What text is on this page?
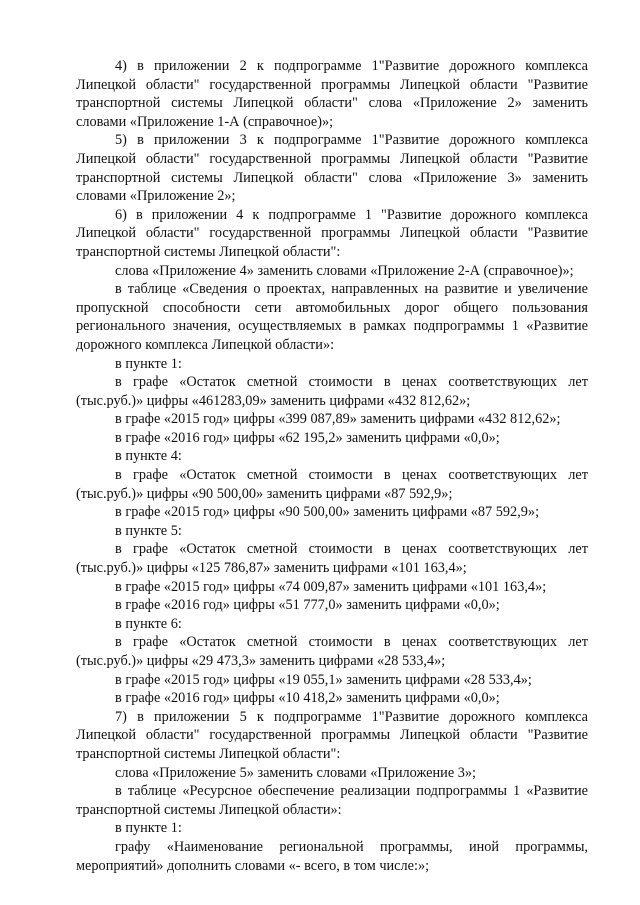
4) в приложении 2 к подпрограмме 1"Развитие дорожного комплекса Липецкой области" государственной программы Липецкой области "Развитие транспортной системы Липецкой области" слова «Приложение 2» заменить словами «Приложение 1-А (справочное)»;

5) в приложении 3 к подпрограмме 1"Развитие дорожного комплекса Липецкой области" государственной программы Липецкой области "Развитие транспортной системы Липецкой области" слова «Приложение 3» заменить словами «Приложение 2»;

6) в приложении 4 к подпрограмме 1 "Развитие дорожного комплекса Липецкой области" государственной программы Липецкой области "Развитие транспортной системы Липецкой области":

слова «Приложение 4» заменить словами «Приложение 2-А (справочное)»;

в таблице «Сведения о проектах, направленных на развитие и увеличение пропускной способности сети автомобильных дорог общего пользования регионального значения, осуществляемых в рамках подпрограммы 1 «Развитие дорожного комплекса Липецкой области»:

в пункте 1:

в графе «Остаток сметной стоимости в ценах соответствующих лет (тыс.руб.)» цифры «461283,09» заменить цифрами «432 812,62»;

в графе «2015 год» цифры «399 087,89» заменить цифрами «432 812,62»;

в графе «2016 год» цифры «62 195,2» заменить цифрами «0,0»;

в пункте 4:

в графе «Остаток сметной стоимости в ценах соответствующих лет (тыс.руб.)» цифры «90 500,00» заменить цифрами «87 592,9»;

в графе «2015 год» цифры «90 500,00» заменить цифрами «87 592,9»;

в пункте 5:

в графе «Остаток сметной стоимости в ценах соответствующих лет (тыс.руб.)» цифры «125 786,87» заменить цифрами «101 163,4»;

в графе «2015 год» цифры «74 009,87» заменить цифрами «101 163,4»;

в графе «2016 год» цифры «51 777,0» заменить цифрами «0,0»;

в пункте 6:

в графе «Остаток сметной стоимости в ценах соответствующих лет (тыс.руб.)» цифры «29 473,3» заменить цифрами «28 533,4»;

в графе «2015 год» цифры «19 055,1» заменить цифрами «28 533,4»;

в графе «2016 год» цифры «10 418,2» заменить цифрами «0,0»;

7) в приложении 5 к подпрограмме 1"Развитие дорожного комплекса Липецкой области" государственной программы Липецкой области "Развитие транспортной системы Липецкой области":

слова «Приложение 5» заменить словами «Приложение 3»;

в таблице «Ресурсное обеспечение реализации подпрограммы 1 «Развитие транспортной системы Липецкой области»:

в пункте 1:

графу «Наименование региональной программы, иной программы, мероприятий» дополнить словами «- всего, в том числе:»;
